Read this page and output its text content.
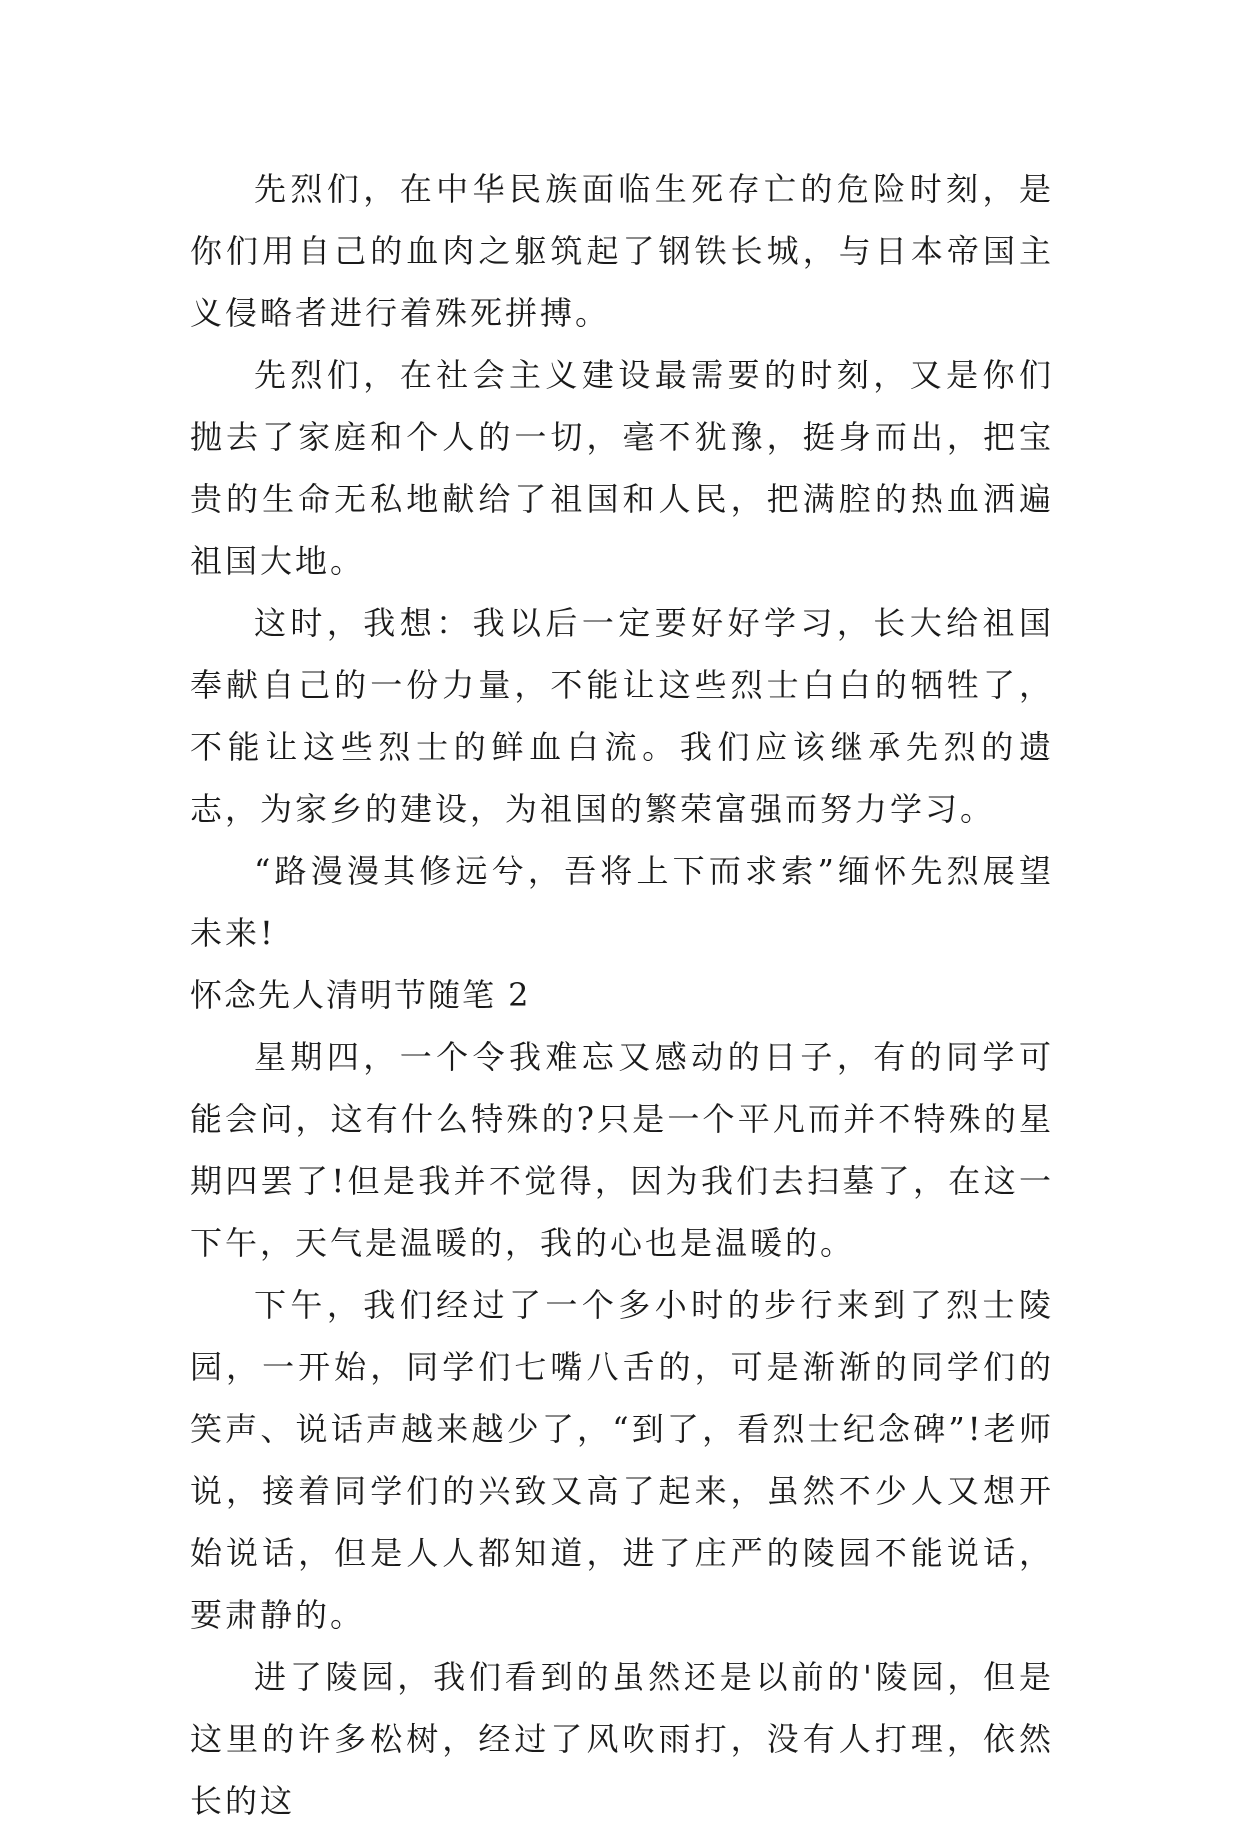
先烈们，在中华民族面临生死存亡的危险时刻，是你们用自己的血肉之躯筑起了钢铁长城，与日本帝国主义侵略者进行着殊死拼搏。

先烈们，在社会主义建设最需要的时刻，又是你们抛去了家庭和个人的一切，毫不犹豫，挺身而出，把宝贵的生命无私地献给了祖国和人民，把满腔的热血洒遍祖国大地。

这时，我想：我以后一定要好好学习，长大给祖国奉献自己的一份力量，不能让这些烈士白白的牺牲了，不能让这些烈士的鲜血白流。我们应该继承先烈的遗志，为家乡的建设，为祖国的繁荣富强而努力学习。

“路漫漫其修远兮，吾将上下而求索”缅怀先烈展望未来!

怀念先人清明节随笔 2

星期四，一个令我难忘又感动的日子，有的同学可能会问，这有什么特殊的?只是一个平凡而并不特殊的星期四罢了!但是我并不觉得，因为我们去扫墓了，在这一下午，天气是温暖的，我的心也是温暖的。

下午，我们经过了一个多小时的步行来到了烈士陵园，一开始，同学们七嘴八舌的，可是渐渐的同学们的笑声、说话声越来越少了，“到了，看烈士纪念碑”!老师说，接着同学们的兴致又高了起来，虽然不少人又想开始说话，但是人人都知道，进了庄严的陵园不能说话，要肃静的。

进了陵园，我们看到的虽然还是以前的'陵园，但是这里的许多松树，经过了风吹雨打，没有人打理，依然长的这
